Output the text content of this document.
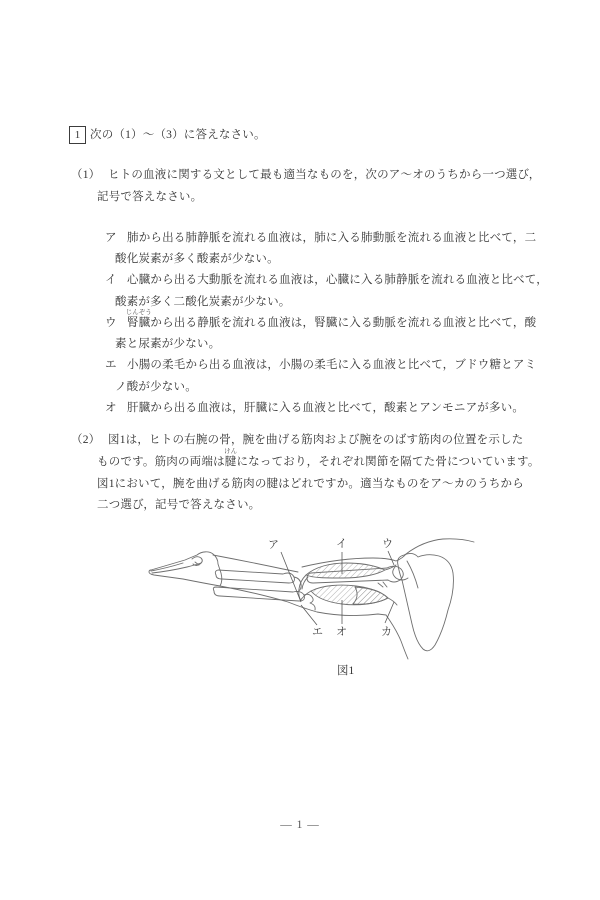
1 次の（1）～（3）に答えなさい。
（1） ヒトの血液に関する文として最も適当なものを，次のア～オのうちから一つ選び，
記号で答えなさい。
ア 肺から出る肺静脈を流れる血液は，肺に入る肺動脈を流れる血液と比べて，二
酸化炭素が多く酸素が少ない。
イ 心臓から出る大動脈を流れる血液は，心臓に入る肺静脈を流れる血液と比べて，
酸素が多く二酸化炭素が少ない。
ウ
じんぞう
腎臓から出る静脈を流れる血液は，腎臓に入る動脈を流れる血液と比べて，酸
素と尿素が少ない。
エ 小腸の柔毛から出る血液は，小腸の柔毛に入る血液と比べて，ブドウ糖とアミ
ノ酸が少ない。
オ 肝臓から出る血液は，肝臓に入る血液と比べて，酸素とアンモニアが多い。
（2） 図1は，ヒトの右腕の骨，腕を曲げる筋肉および腕をのばす筋肉の位置を示した
ものです。筋肉の両端は
けん
腱になっており，それぞれ関節を隔てた骨についています。
図1において，腕を曲げる筋肉の腱はどれですか。適当なものをア～カのうちから
二つ選び，記号で答えなさい。
ア	イ	ウ
エ オ	カ
図1
— 1 —
